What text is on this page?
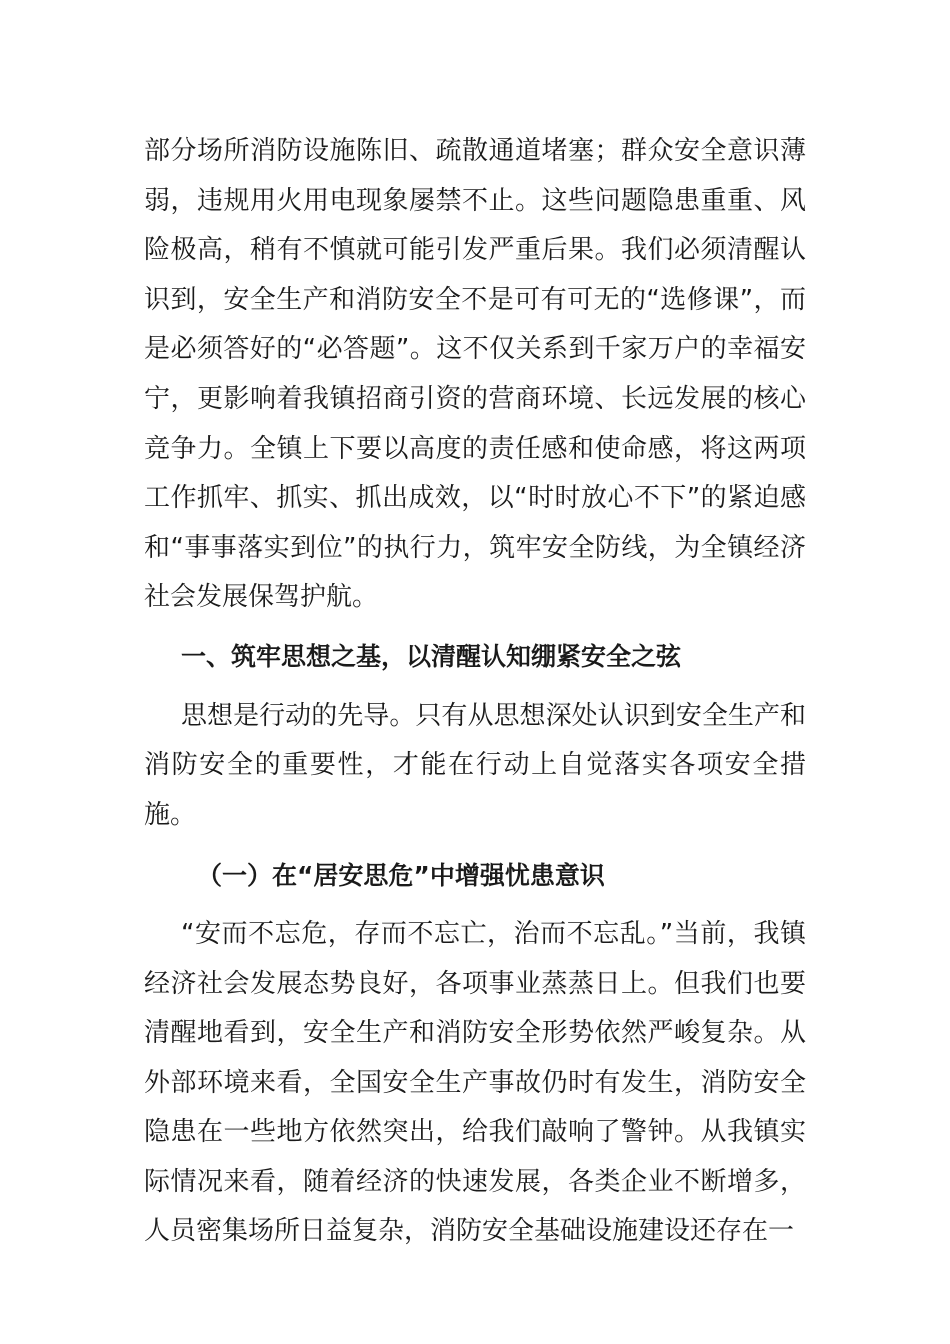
部分场所消防设施陈旧、疏散通道堵塞；群众安全意识薄弱，违规用火用电现象屡禁不止。这些问题隐患重重、风险极高，稍有不慎就可能引发严重后果。我们必须清醒认识到，安全生产和消防安全不是可有可无的“选修课”，而是必须答好的“必答题”。这不仅关系到千家万户的幸福安宁，更影响着我镇招商引资的营商环境、长远发展的核心竞争力。全镇上下要以高度的责任感和使命感，将这两项工作抓牢、抓实、抓出成效，以“时时放心不下”的紧迫感和“事事落实到位”的执行力，筑牢安全防线，为全镇经济社会发展保驾护航。

一、筑牢思想之基，以清醒认知绷紧安全之弦

思想是行动的先导。只有从思想深处认识到安全生产和消防安全的重要性，才能在行动上自觉落实各项安全措施。

（一）在“居安思危”中增强忧患意识

“安而不忘危，存而不忘亡，治而不忘乱。”当前，我镇经济社会发展态势良好，各项事业蒸蒸日上。但我们也要清醒地看到，安全生产和消防安全形势依然严峻复杂。从外部环境来看，全国安全生产事故仍时有发生，消防安全隐患在一些地方依然突出，给我们敲响了警钟。从我镇实际情况来看，随着经济的快速发展，各类企业不断增多，人员密集场所日益复杂，消防安全基础设施建设还存在一
